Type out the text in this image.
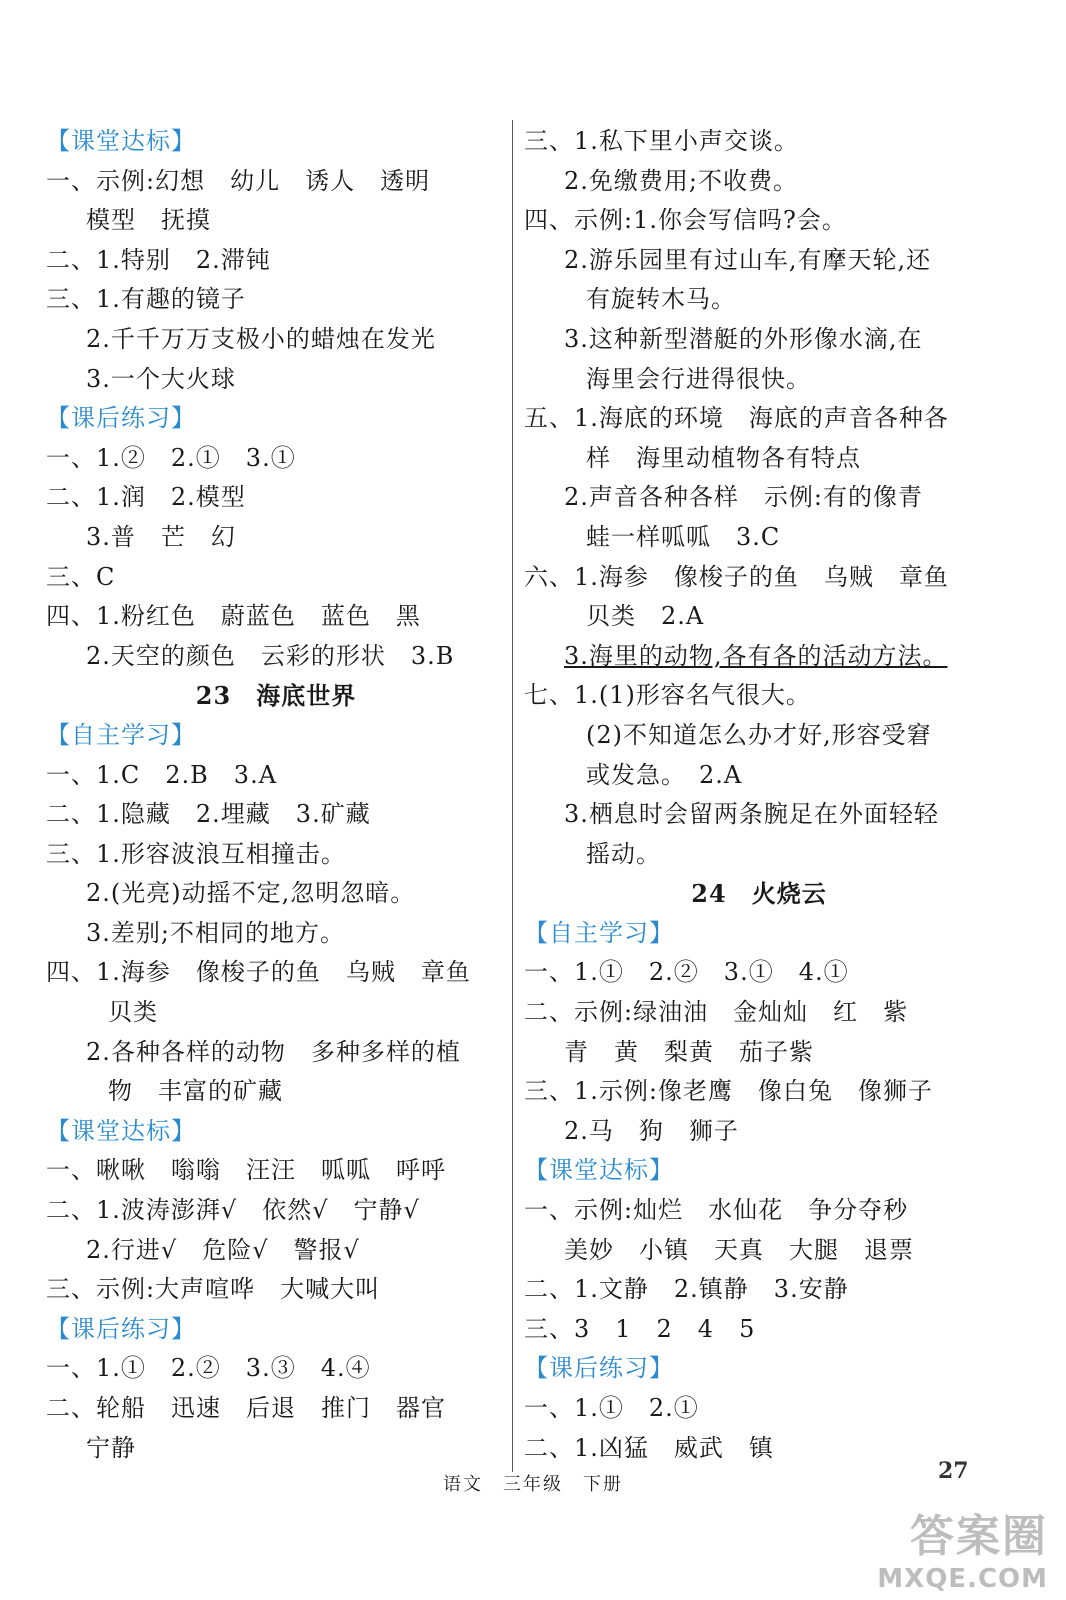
【课堂达标】
一、示例:幻想　幼儿　诱人　透明
模型　抚摸
二、1.特别　2.滞钝
三、1.有趣的镜子
2.千千万万支极小的蜡烛在发光
3.一个大火球
【课后练习】
一、1.②　2.①　3.①
二、1.润　2.模型
3.普　芒　幻
三、C
四、1.粉红色　蔚蓝色　蓝色　黑
2.天空的颜色　云彩的形状　3.B
23　海底世界
【自主学习】
一、1.C　2.B　3.A
二、1.隐藏　2.埋藏　3.矿藏
三、1.形容波浪互相撞击。
2.(光亮)动摇不定,忽明忽暗。
3.差别;不相同的地方。
四、1.海参　像梭子的鱼　乌贼　章鱼
贝类
2.各种各样的动物　多种多样的植
物　丰富的矿藏
【课堂达标】
一、啾啾　嗡嗡　汪汪　呱呱　呼呼
二、1.波涛澎湃√　依然√　宁静√
2.行进√　危险√　警报√
三、示例:大声喧哗　大喊大叫
【课后练习】
一、1.①　2.②　3.③　4.④
二、轮船　迅速　后退　推门　器官
宁静
三、1.私下里小声交谈。
2.免缴费用;不收费。
四、示例:1.你会写信吗?会。
2.游乐园里有过山车,有摩天轮,还
有旋转木马。
3.这种新型潜艇的外形像水滴,在
海里会行进得很快。
五、1.海底的环境　海底的声音各种各
样　海里动植物各有特点
2.声音各种各样　示例:有的像青
蛙一样呱呱　3.C
六、1.海参　像梭子的鱼　乌贼　章鱼
贝类　2.A
3.海里的动物,各有各的活动方法。
七、1.(1)形容名气很大。
(2)不知道怎么办才好,形容受窘
或发急。　2.A
3.栖息时会留两条腕足在外面轻轻
摇动。
24　火烧云
【自主学习】
一、1.①　2.②　3.①　4.①
二、示例:绿油油　金灿灿　红　紫
青　黄　梨黄　茄子紫
三、1.示例:像老鹰　像白兔　像狮子
2.马　狗　狮子
【课堂达标】
一、示例:灿烂　水仙花　争分夺秒
美妙　小镇　天真　大腿　退票
二、1.文静　2.镇静　3.安静
三、3　1　2　4　5
【课后练习】
一、1.①　2.①
二、1.凶猛　威武　镇
语文　三年级　下册
27
答案圈
MXQE.COM
